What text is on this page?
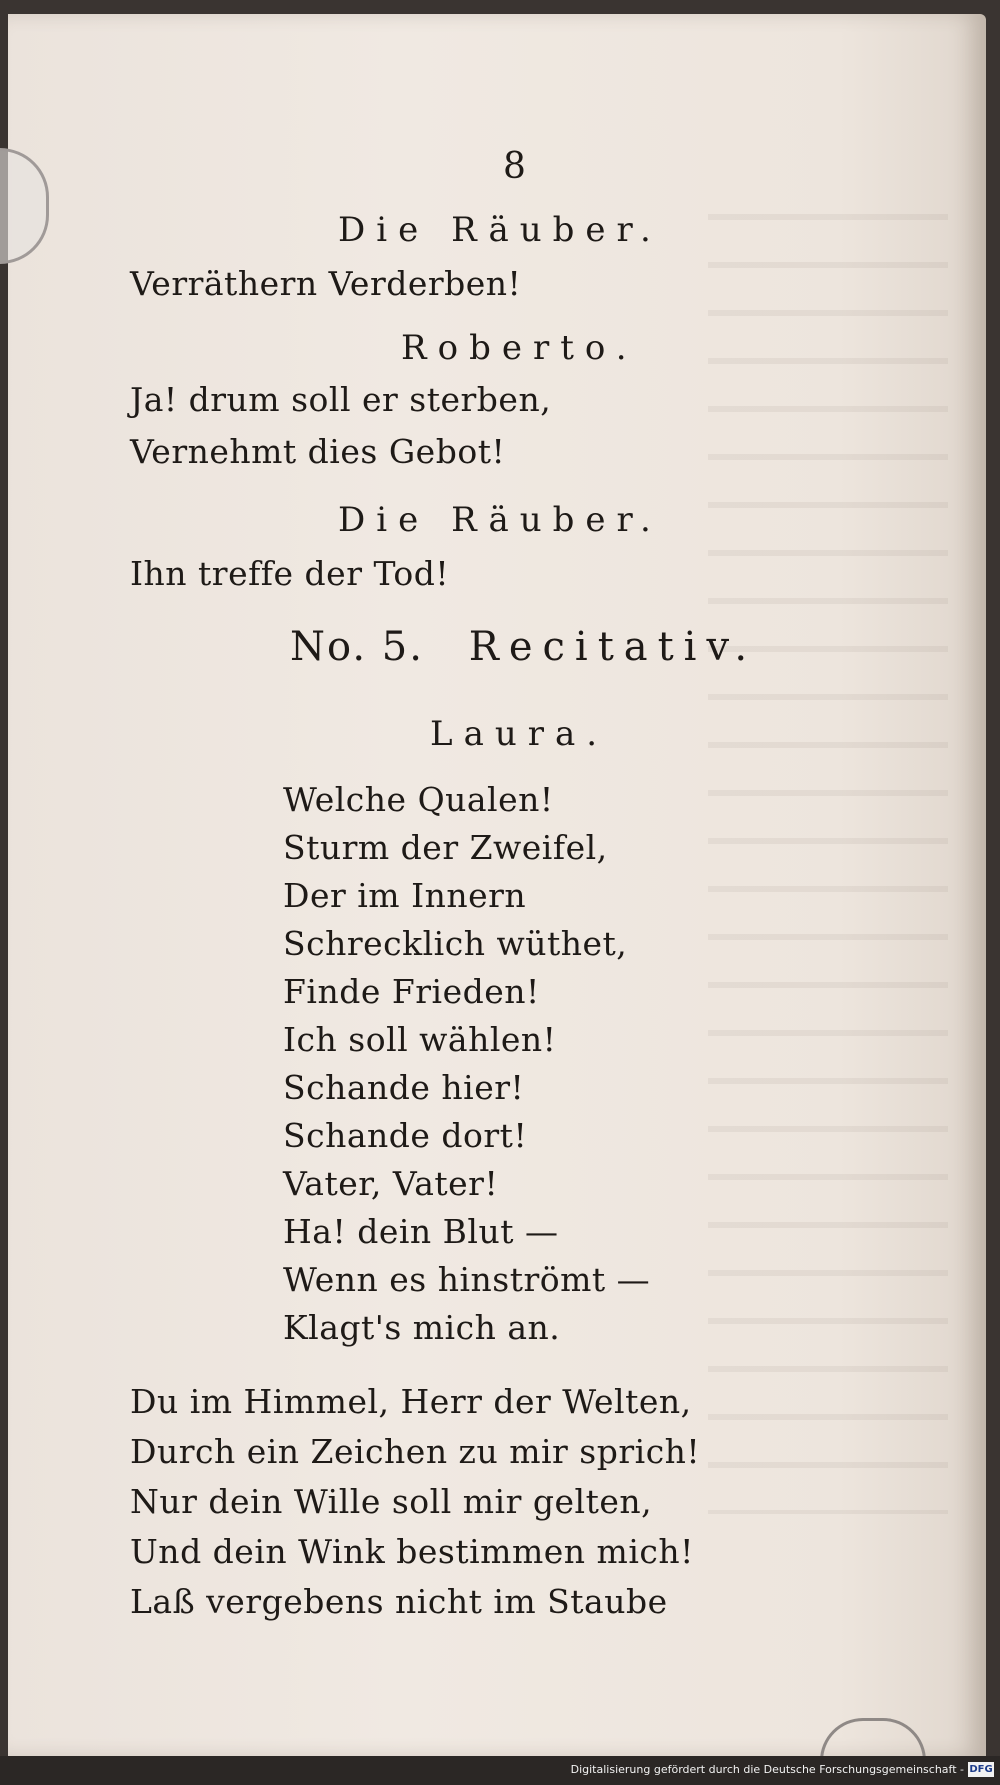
8
Die Räuber.
Verräthern Verderben!
Roberto.
Ja! drum soll er sterben,
Vernehmt dies Gebot!
Die Räuber.
Ihn treffe der Tod!
No. 5. Recitativ.
Laura.
Welche Qualen!
Sturm der Zweifel,
Der im Innern
Schrecklich wüthet,
Finde Frieden!
Ich soll wählen!
Schande hier!
Schande dort!
Vater, Vater!
Ha! dein Blut —
Wenn es hinströmt —
Klagt's mich an.
Du im Himmel, Herr der Welten,
Durch ein Zeichen zu mir sprich!
Nur dein Wille soll mir gelten,
Und dein Wink bestimmen mich!
Laß vergebens nicht im Staube
Digitalisierung gefördert durch die Deutsche Forschungsgemeinschaft - DFG
